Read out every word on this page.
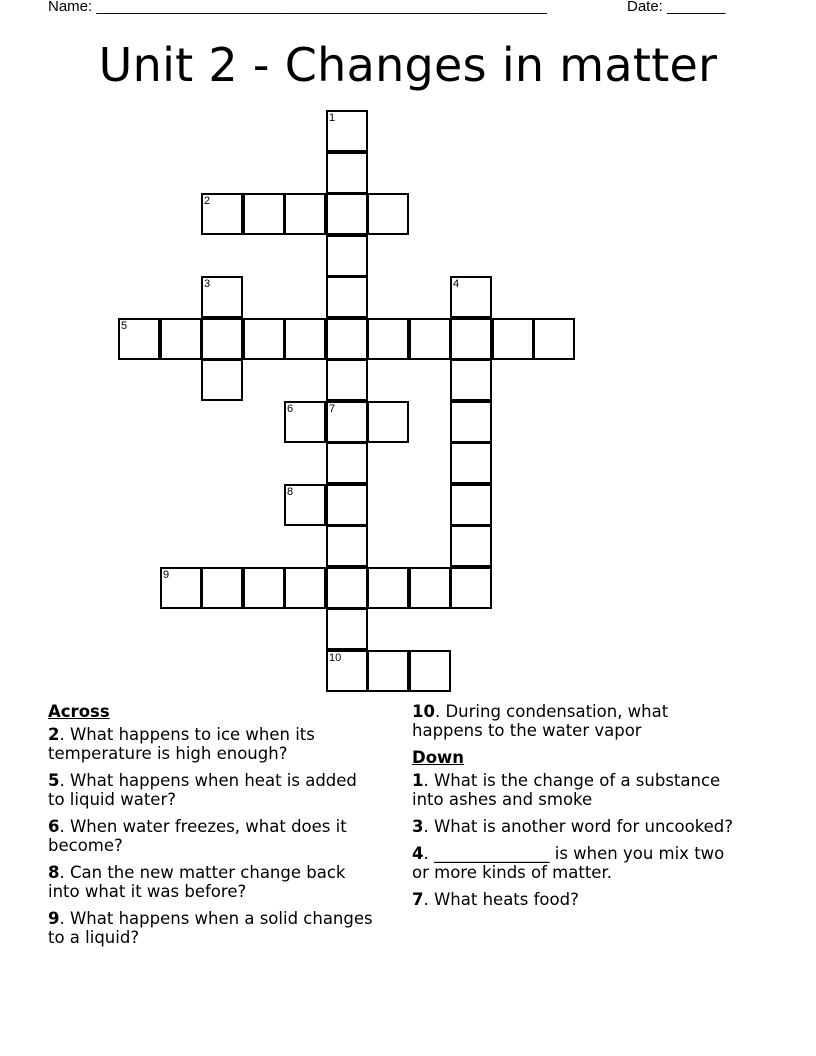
Name: ______________________________________________________	Date: _______
Unit 2 - Changes in matter
1
2
3	4
5
6	7
10
8
9
Across
2. What happens to ice when its temperature is high enough?
5. What happens when heat is added to liquid water?
6. When water freezes, what does it become?
8. Can the new matter change back into what it was before?
9. What happens when a solid changes to a liquid?
10. During condensation, what happens to the water vapor
Down
1. What is the change of a substance into ashes and smoke
3. What is another word for uncooked?
4. ______________ is when you mix two or more kinds of matter.
7. What heats food?
